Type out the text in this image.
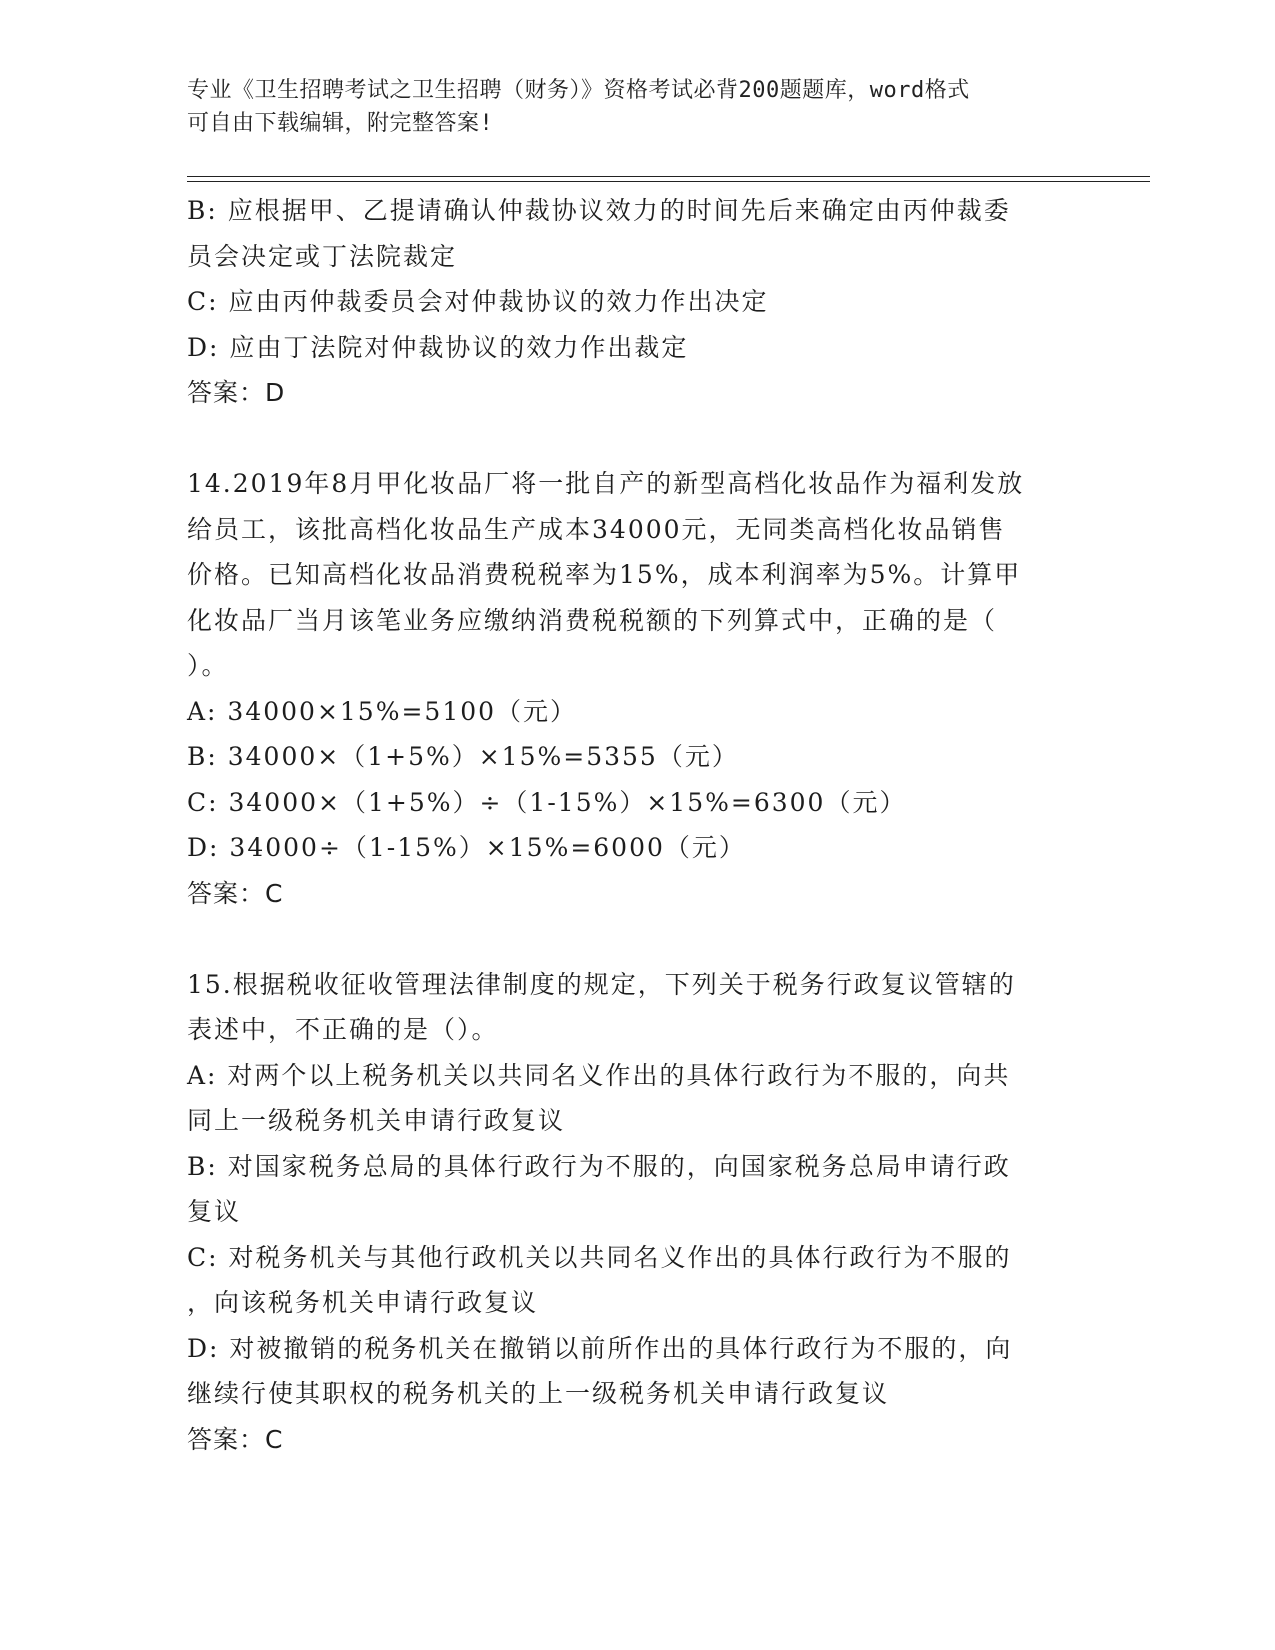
专业《卫生招聘考试之卫生招聘（财务）》资格考试必背200题题库，word格式

可自由下载编辑，附完整答案!

B: 应根据甲、乙提请确认仲裁协议效力的时间先后来确定由丙仲裁委

员会决定或丁法院裁定

C: 应由丙仲裁委员会对仲裁协议的效力作出决定

D: 应由丁法院对仲裁协议的效力作出裁定

答案：D

14.2019年8月甲化妆品厂将一批自产的新型高档化妆品作为福利发放

给员工，该批高档化妆品生产成本34000元，无同类高档化妆品销售

价格。已知高档化妆品消费税税率为15%，成本利润率为5%。计算甲

化妆品厂当月该笔业务应缴纳消费税税额的下列算式中，正确的是（

）。

A: 34000×15%=5100（元）

B: 34000×（1+5%）×15%=5355（元）

C: 34000×（1+5%）÷（1-15%）×15%=6300（元）

D: 34000÷（1-15%）×15%=6000（元）

答案：C

15.根据税收征收管理法律制度的规定，下列关于税务行政复议管辖的

表述中，不正确的是（）。

A: 对两个以上税务机关以共同名义作出的具体行政行为不服的，向共

同上一级税务机关申请行政复议

B: 对国家税务总局的具体行政行为不服的，向国家税务总局申请行政

复议

C: 对税务机关与其他行政机关以共同名义作出的具体行政行为不服的

，向该税务机关申请行政复议

D: 对被撤销的税务机关在撤销以前所作出的具体行政行为不服的，向

继续行使其职权的税务机关的上一级税务机关申请行政复议

答案：C
